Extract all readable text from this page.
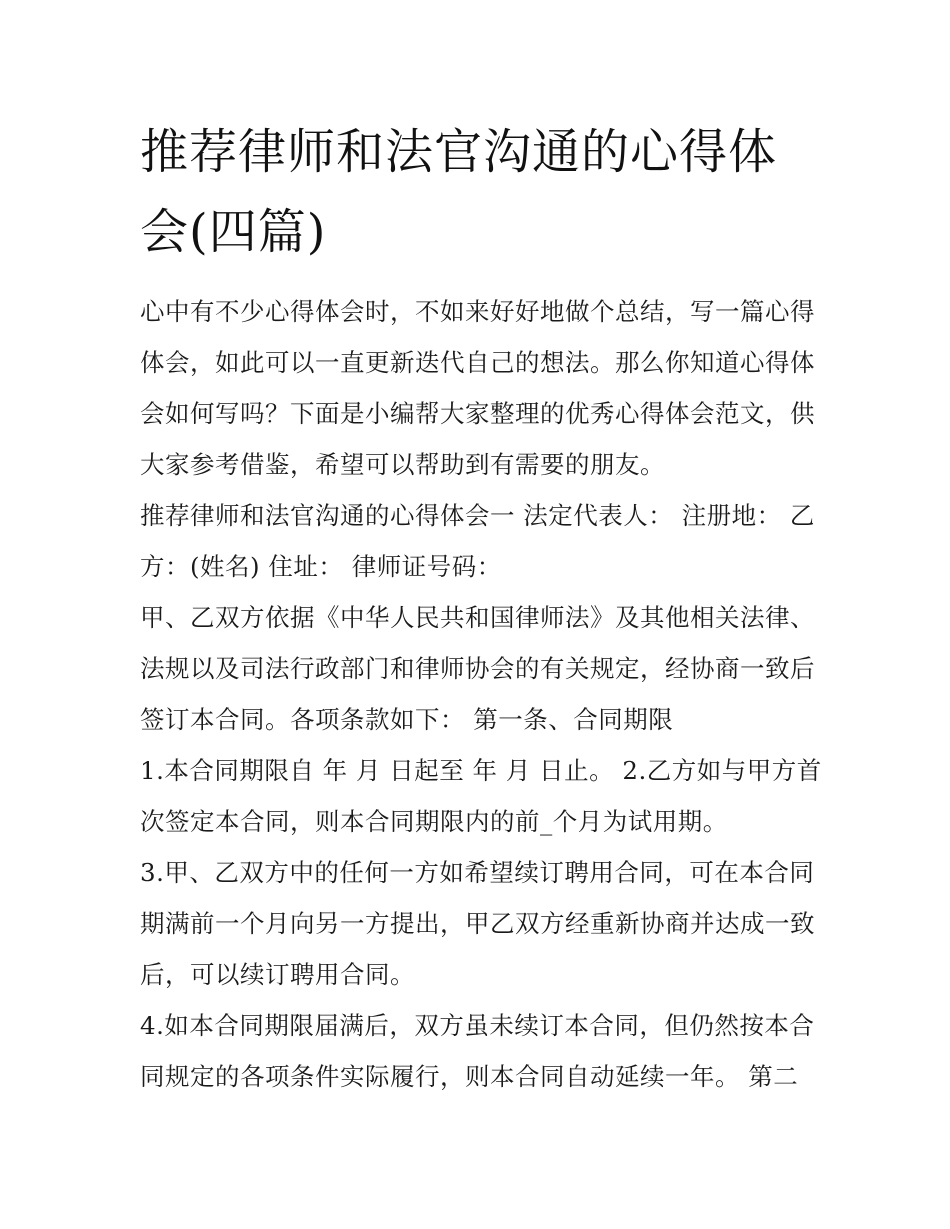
推荐律师和法官沟通的心得体
会(四篇)
心中有不少心得体会时，不如来好好地做个总结，写一篇心得
体会，如此可以一直更新迭代自己的想法。那么你知道心得体
会如何写吗？下面是小编帮大家整理的优秀心得体会范文，供
大家参考借鉴，希望可以帮助到有需要的朋友。
推荐律师和法官沟通的心得体会一 法定代表人： 注册地： 乙
方：(姓名) 住址： 律师证号码：
甲、乙双方依据《中华人民共和国律师法》及其他相关法律、
法规以及司法行政部门和律师协会的有关规定，经协商一致后
签订本合同。各项条款如下： 第一条、合同期限
1.本合同期限自 年 月 日起至 年 月 日止。 2.乙方如与甲方首
次签定本合同，则本合同期限内的前_个月为试用期。
3.甲、乙双方中的任何一方如希望续订聘用合同，可在本合同
期满前一个月向另一方提出，甲乙双方经重新协商并达成一致
后，可以续订聘用合同。
4.如本合同期限届满后，双方虽未续订本合同，但仍然按本合
同规定的各项条件实际履行，则本合同自动延续一年。 第二
